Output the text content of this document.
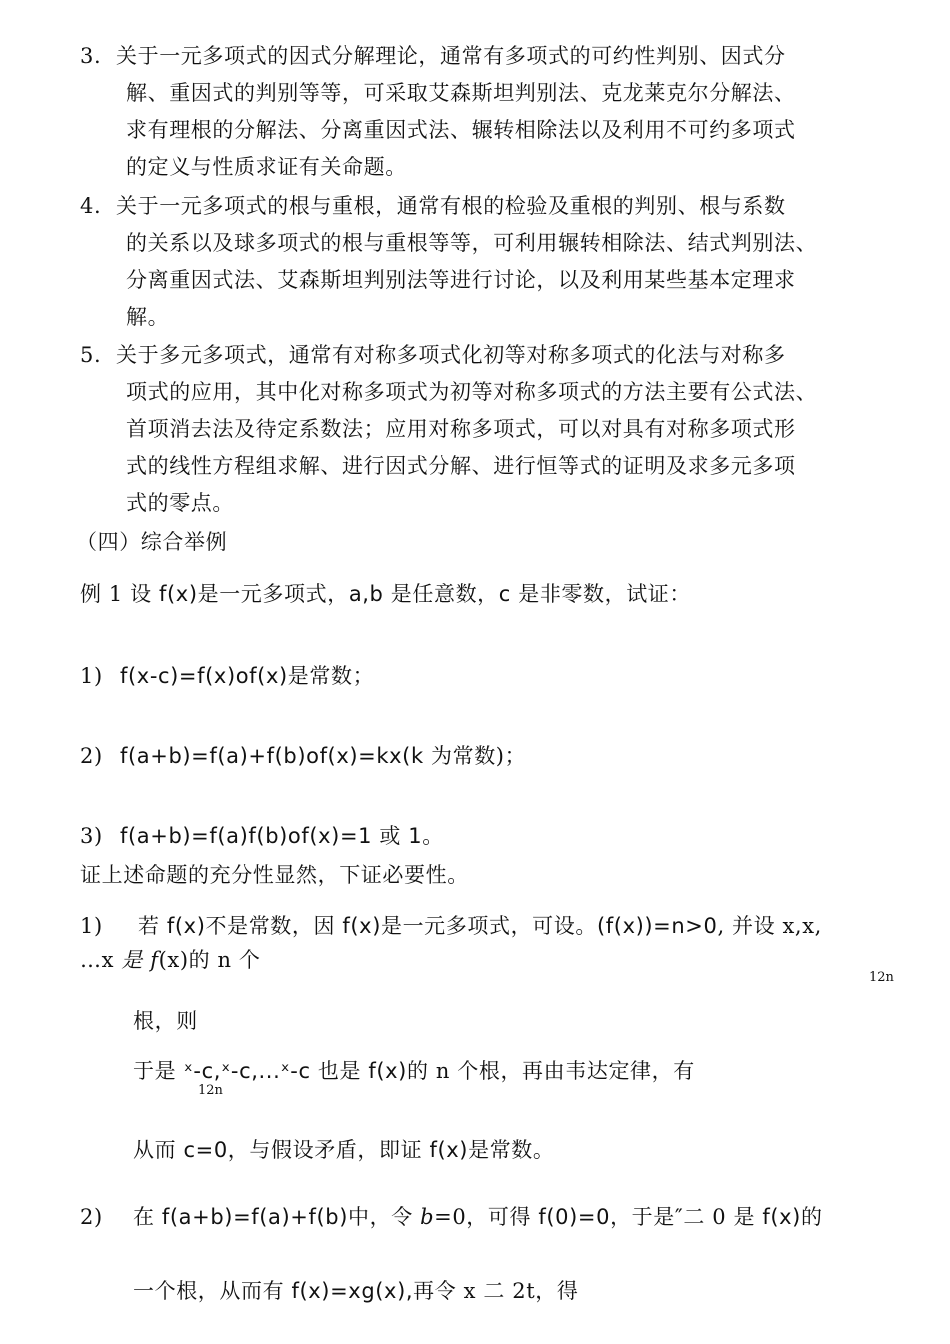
3. 关于一元多项式的因式分解理论，通常有多项式的可约性判别、因式分
解、重因式的判别等等，可采取艾森斯坦判别法、克龙莱克尔分解法、
求有理根的分解法、分离重因式法、辗转相除法以及利用不可约多项式
的定义与性质求证有关命题。
4. 关于一元多项式的根与重根，通常有根的检验及重根的判别、根与系数
的关系以及球多项式的根与重根等等，可利用辗转相除法、结式判别法、
分离重因式法、艾森斯坦判别法等进行讨论，以及利用某些基本定理求
解。
5. 关于多元多项式，通常有对称多项式化初等对称多项式的化法与对称多
项式的应用，其中化对称多项式为初等对称多项式的方法主要有公式法、
首项消去法及待定系数法；应用对称多项式，可以对具有对称多项式形
式的线性方程组求解、进行因式分解、进行恒等式的证明及求多元多项
式的零点。
（四）综合举例
例 1 设 f(x)是一元多项式，a,b 是任意数，c 是非零数，试证：
1) f(x-c)=f(x)of(x)是常数；
2) f(a+b)=f(a)+f(b)of(x)=kx(k 为常数)；
3) f(a+b)=f(a)f(b)of(x)=1 或 1。
证上述命题的充分性显然，下证必要性。
1) 若 f(x)不是常数，因 f(x)是一元多项式，可设。(f(x))=n>0, 并设 x,x,
…x 是 f(x)的 n 个
12n
根，则
于是 ˣ-c,ˣ-c,...ˣ-c 也是 f(x)的 n 个根，再由韦达定律，有
12n
从而 c=0，与假设矛盾，即证 f(x)是常数。
2) 在 f(a+b)=f(a)+f(b)中，令 b=0，可得 f(0)=0，于是″二 0 是 f(x)的
一个根，从而有 f(x)=xg(x),再令 x 二 2t，得
